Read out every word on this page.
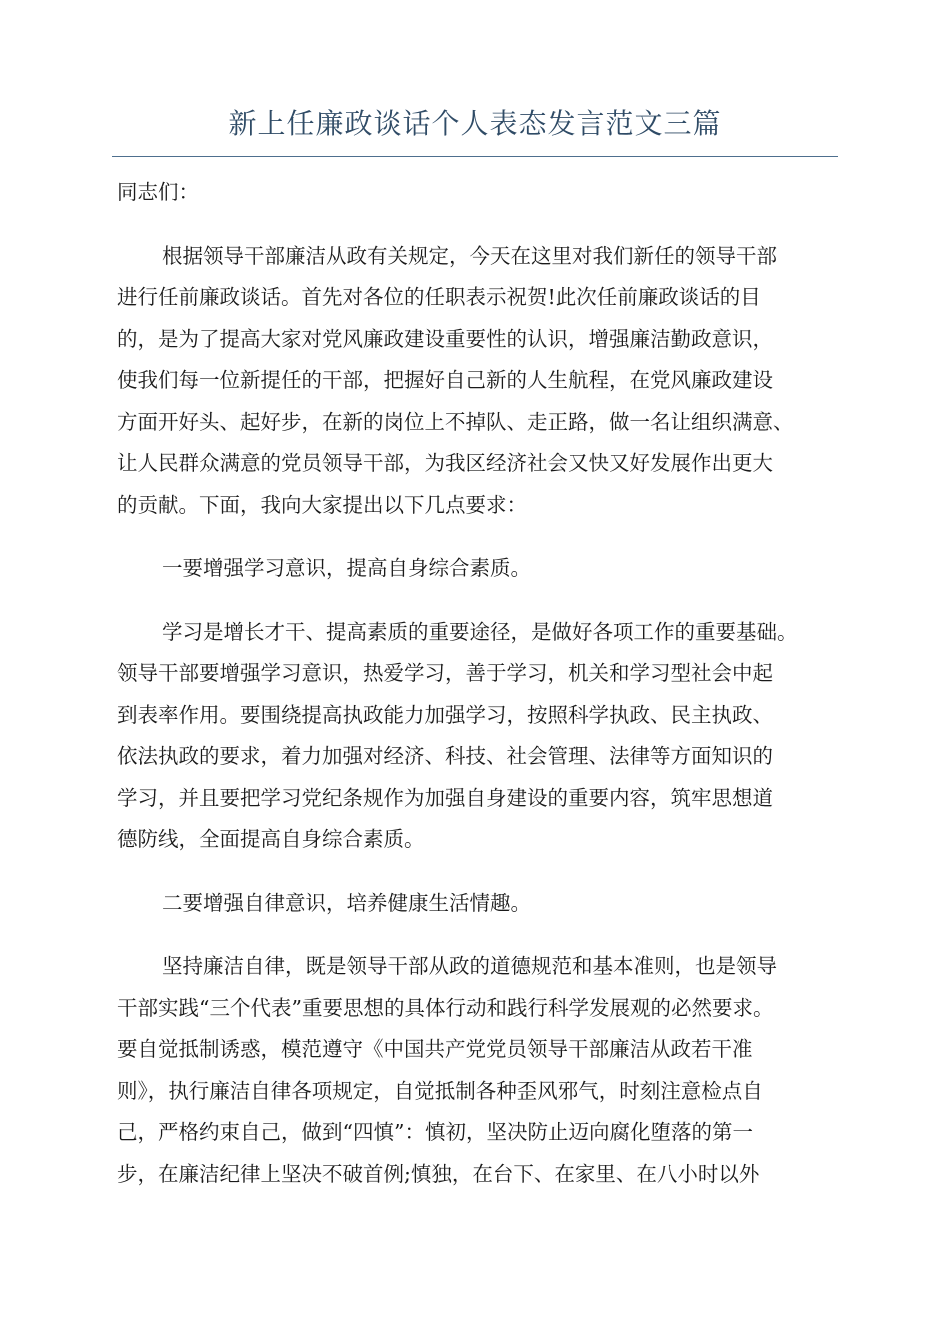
新上任廉政谈话个人表态发言范文三篇
同志们：
根据领导干部廉洁从政有关规定，今天在这里对我们新任的领导干部
进行任前廉政谈话。首先对各位的任职表示祝贺!此次任前廉政谈话的目
的，是为了提高大家对党风廉政建设重要性的认识，增强廉洁勤政意识，
使我们每一位新提任的干部，把握好自己新的人生航程，在党风廉政建设
方面开好头、起好步，在新的岗位上不掉队、走正路，做一名让组织满意、
让人民群众满意的党员领导干部，为我区经济社会又快又好发展作出更大
的贡献。下面，我向大家提出以下几点要求：
一要增强学习意识，提高自身综合素质。
学习是增长才干、提高素质的重要途径，是做好各项工作的重要基础。
领导干部要增强学习意识，热爱学习，善于学习，机关和学习型社会中起
到表率作用。要围绕提高执政能力加强学习，按照科学执政、民主执政、
依法执政的要求，着力加强对经济、科技、社会管理、法律等方面知识的
学习，并且要把学习党纪条规作为加强自身建设的重要内容，筑牢思想道
德防线，全面提高自身综合素质。
二要增强自律意识，培养健康生活情趣。
坚持廉洁自律，既是领导干部从政的道德规范和基本准则，也是领导
干部实践“三个代表”重要思想的具体行动和践行科学发展观的必然要求。
要自觉抵制诱惑，模范遵守《中国共产党党员领导干部廉洁从政若干准
则》，执行廉洁自律各项规定，自觉抵制各种歪风邪气，时刻注意检点自
己，严格约束自己，做到“四慎”：慎初，坚决防止迈向腐化堕落的第一
步，在廉洁纪律上坚决不破首例;慎独，在台下、在家里、在八小时以外
